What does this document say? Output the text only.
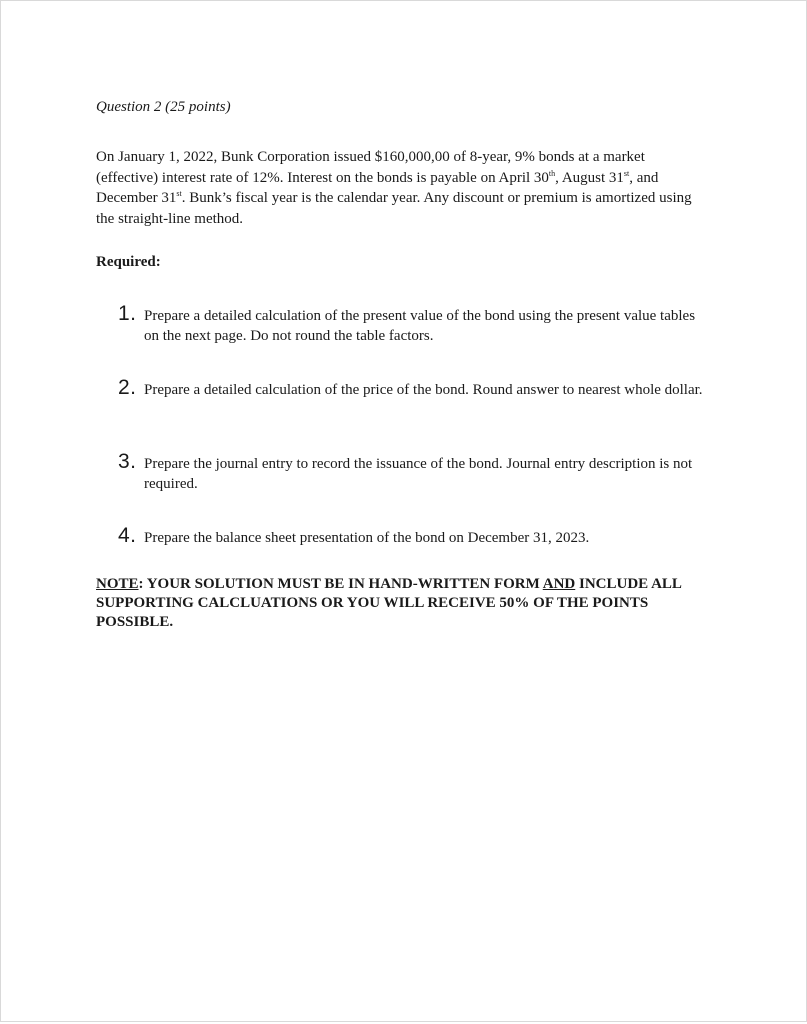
Question 2 (25 points)
On January 1, 2022, Bunk Corporation issued $160,000,00 of 8-year, 9% bonds at a market (effective) interest rate of 12%. Interest on the bonds is payable on April 30th, August 31st, and December 31st. Bunk’s fiscal year is the calendar year. Any discount or premium is amortized using the straight-line method.
Required:
1. Prepare a detailed calculation of the present value of the bond using the present value tables on the next page. Do not round the table factors.
2. Prepare a detailed calculation of the price of the bond. Round answer to nearest whole dollar.
3. Prepare the journal entry to record the issuance of the bond. Journal entry description is not required.
4. Prepare the balance sheet presentation of the bond on December 31, 2023.
NOTE: YOUR SOLUTION MUST BE IN HAND-WRITTEN FORM AND INCLUDE ALL SUPPORTING CALCLUATIONS OR YOU WILL RECEIVE 50% OF THE POINTS POSSIBLE.
